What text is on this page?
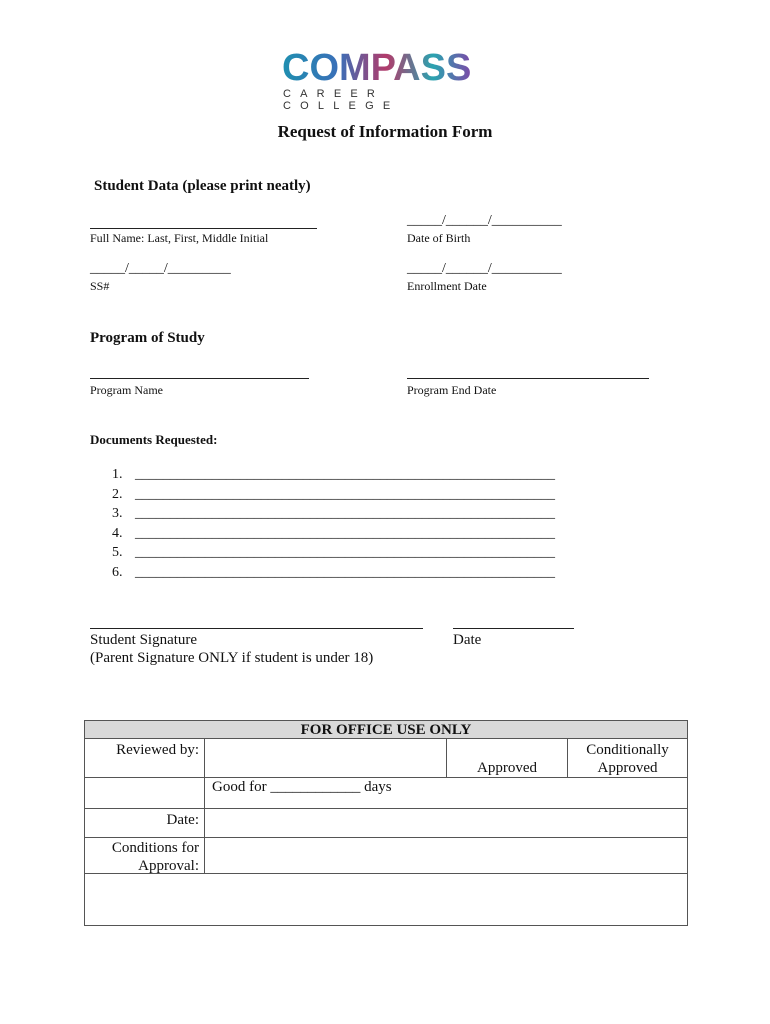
COMPASS
CAREER COLLEGE
Request of Information Form
Student Data (please print neatly)
Full Name: Last, First, Middle Initial
_____/______/__________
Date of Birth
_____/_____/_________
SS#
_____/______/__________
Enrollment Date
Program of Study
Program Name	Program End Date
Documents Requested:
1. ____________________________________________________________
2. ____________________________________________________________
3. ____________________________________________________________
4. ____________________________________________________________
5. ____________________________________________________________
6. ____________________________________________________________
Student Signature
(Parent Signature ONLY if student is under 18)
Date
FOR OFFICE USE ONLY
Reviewed by:
Approved
Conditionally
Approved
Good for ____________ days
Date:
Conditions for
Approval:
